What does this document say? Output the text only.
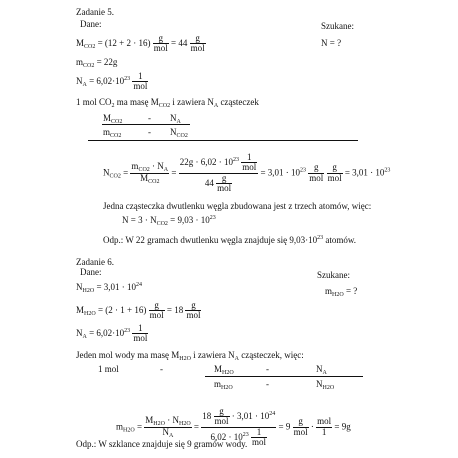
Zadanie 5.
Dane:	Szukane:
N = ?
$M_{CO2} = (12 + 2 \cdot 16) \frac{g}{\text{mol}} = 44 \frac{g}{\text{mol}}$
$m_{CO2} = 22g$
$N_A = 6,02\cdot 10^{23} \frac{1}{\text{mol}}$
1 mol $CO_2$ ma masę $M_{CO2}$ i zawiera $N_A$ cząsteczek
$M_{CO2}$	- $N_A$
$m_{CO2}$	- $N_{CO2}$
$N_{CO2} = \frac{m_{CO2} \cdot N_A}{M_{CO2}} = \frac{22g \cdot 6,02 \cdot 10^{23} \frac{1}{\text{mol}}}{44 \frac{g}{\text{mol}}} = 3,01 \cdot 10^{23} \frac{g}{\text{mol}}$
$\frac{g}{\text{mol}} = 3,01 \cdot 10^{23}$
Jedna cząsteczka dwutlenku węgla zbudowana jest z trzech atomów, więc:
$N = 3 \cdot N_{CO2} = 9,03 \cdot 10^{23}$
Odp.: W 22 gramach dwutlenku węgla znajduje się $9,03\cdot 10^{23}$ atomów.
Zadanie 6.
Dane:	Szukane:
$m_{H2O}$ = ?
$N_{H2O} = 3,01 \cdot 10^{24}$
$M_{H2O} = (2 \cdot 1 + 16) \frac{g}{\text{mol}} = 18 \frac{g}{\text{mol}}$
$N_A = 6,02\cdot 10^{23} \frac{1}{\text{mol}}$
Jeden mol wody ma masę $M_{H2O}$ i zawiera $N_A$ cząsteczek, więc:
1 mol	-	$M_{H2O}$	-	$N_A$
$m_{H2O}$	-	$N_{H2O}$
$m_{H2O} = \frac{M_{H2O} \cdot N_{H2O}}{N_A} = \frac{18 \frac{g}{\text{mol}} \cdot 3,01 \cdot 10^{24}}{6,02 \cdot 10^{23} \frac{1}{\text{mol}}} = 9 \frac{g}{\text{mol}} \cdot \frac{\text{mol}}{1} = 9g$
Odp.: W szklance znajduje się 9 gramów wody.
